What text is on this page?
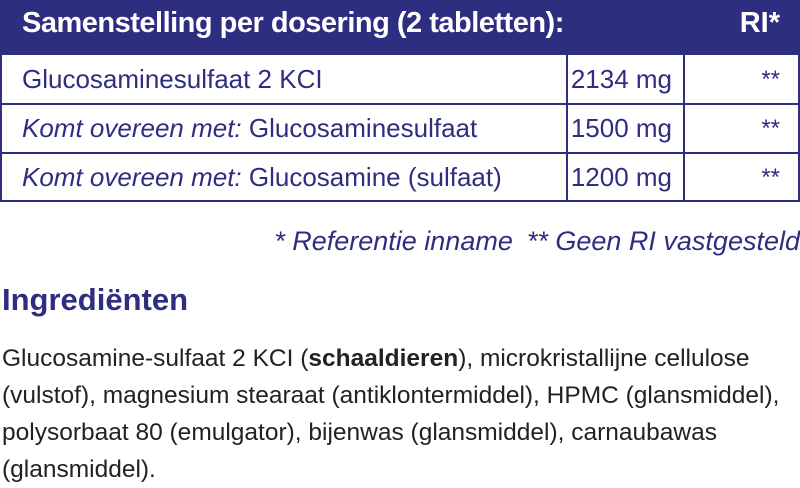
Samenstelling per dosering (2 tabletten):	RI*
Glucosaminesulfaat 2 KCI	2134 mg	**
Komt overeen met: Glucosaminesulfaat	1500 mg	**
Komt overeen met: Glucosamine (sulfaat)	1200 mg	**
* Referentie inname ** Geen RI vastgesteld
Ingrediënten
Glucosamine-sulfaat 2 KCI (schaaldieren), microkristallijne cellulose (vulstof), magnesium stearaat (antiklontermiddel), HPMC (glansmiddel), polysorbaat 80 (emulgator), bijenwas (glansmiddel), carnaubawas (glansmiddel).
